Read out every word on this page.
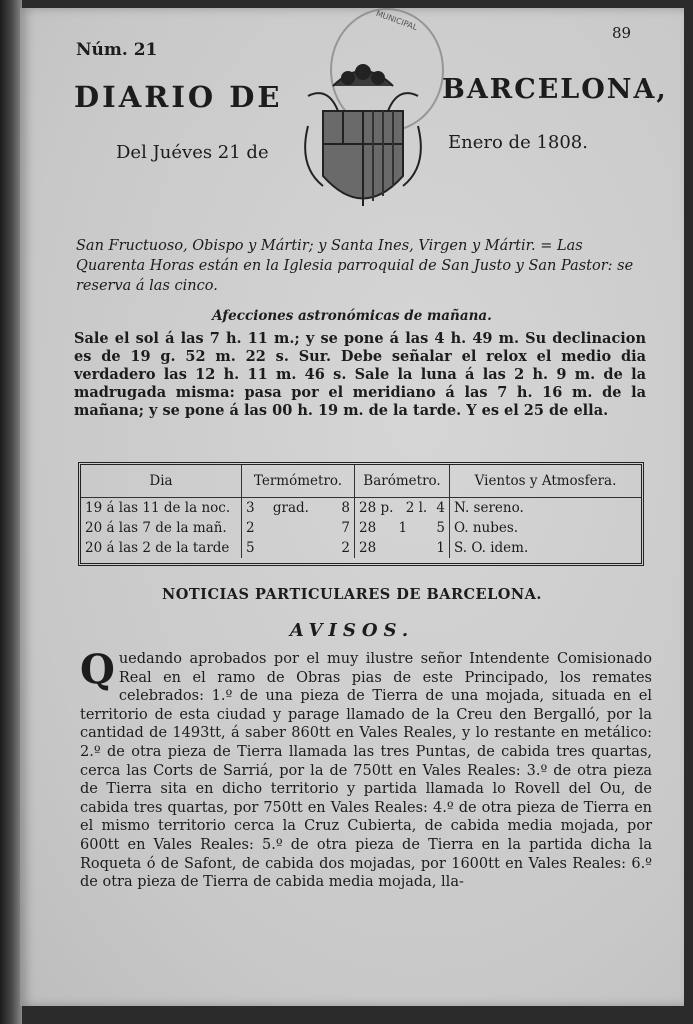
Núm. 21
89
MUNICIPAL
DIARIO DE	BARCELONA,
Del Juéves 21 de	Enero de 1808.
San Fructuoso, Obispo y Mártir; y Santa Ines, Virgen y Mártir. = Las Quarenta Horas están en la Iglesia parroquial de San Justo y San Pastor: se reserva á las cinco.
Afecciones astronómicas de mañana.
Sale el sol á las 7 h. 11 m.; y se pone á las 4 h. 49 m. Su declinacion es de 19 g. 52 m. 22 s. Sur. Debe señalar el relox el medio dia verdadero las 12 h. 11 m. 46 s. Sale la luna á las 2 h. 9 m. de la madrugada misma: pasa por el meridiano á las 7 h. 16 m. de la mañana; y se pone á las 00 h. 19 m. de la tarde. Y es el 25 de ella.
Dia	Termómetro.	Barómetro.	Vientos y Atmosfera.
19 á las 11 de la noc.	3 grad. 8	28 p. 2 l. 4	N. sereno.
20 á las 7 de la mañ.	2 7	28 1 5	O. nubes.
20 á las 2 de la tarde	5 2	28 1	S. O. idem.
NOTICIAS PARTICULARES DE BARCELONA.
AVISOS.
Quedando aprobados por el muy ilustre señor Intendente Comisionado Real en el ramo de Obras pias de este Principado, los remates celebrados: 1.º de una pieza de Tierra de una mojada, situada en el territorio de esta ciudad y parage llamado de la Creu den Bergalló, por la cantidad de 1493tt, á saber 860tt en Vales Reales, y lo restante en metálico: 2.º de otra pieza de Tierra llamada las tres Puntas, de cabida tres quartas, cerca las Corts de Sarriá, por la de 750tt en Vales Reales: 3.º de otra pieza de Tierra sita en dicho territorio y partida llamada lo Rovell del Ou, de cabida tres quartas, por 750tt en Vales Reales: 4.º de otra pieza de Tierra en el mismo territorio cerca la Cruz Cubierta, de cabida media mojada, por 600tt en Vales Reales: 5.º de otra pieza de Tierra en la partida dicha la Roqueta ó de Safont, de cabida dos mojadas, por 1600tt en Vales Reales: 6.º de otra pieza de Tierra de cabida media mojada, lla-
